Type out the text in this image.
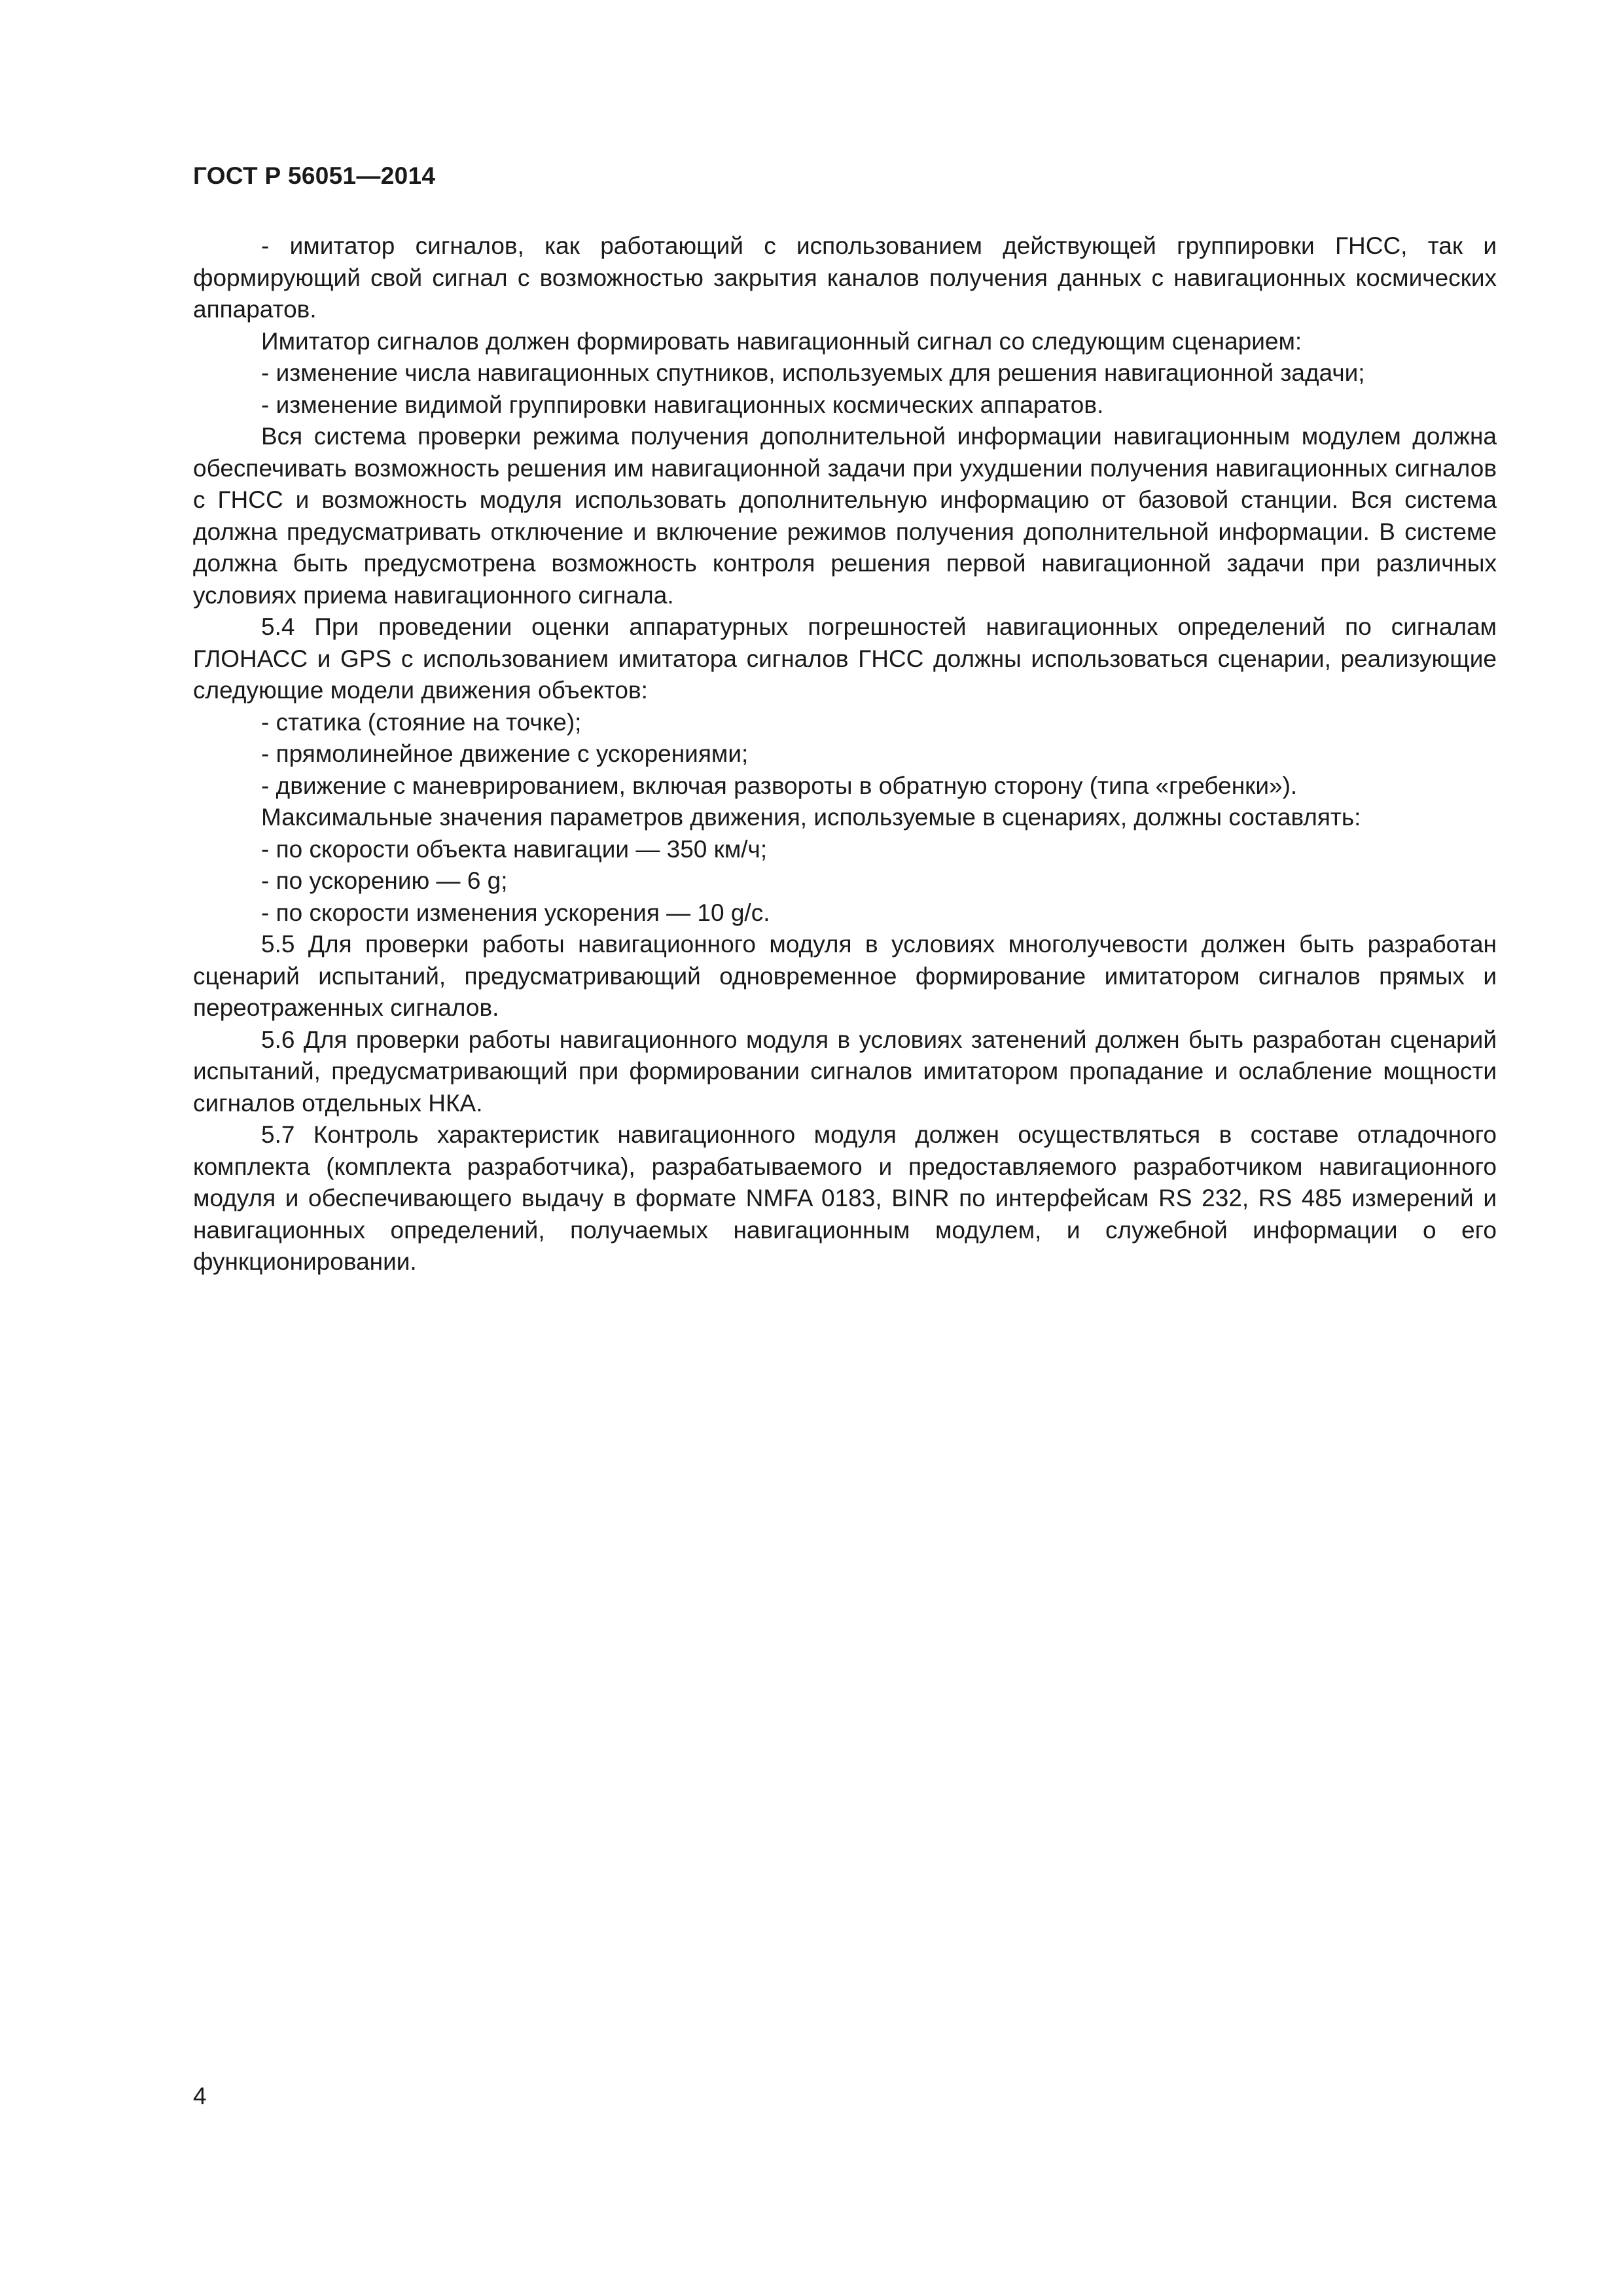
ГОСТ Р 56051—2014

- имитатор сигналов, как работающий с использованием действующей группировки ГНСС, так и формирующий свой сигнал с возможностью закрытия каналов получения данных с навигационных космических аппаратов.

Имитатор сигналов должен формировать навигационный сигнал со следующим сценарием:

- изменение числа навигационных спутников, используемых для решения навигационной задачи;

- изменение видимой группировки навигационных космических аппаратов.

Вся система проверки режима получения дополнительной информации навигационным модулем должна обеспечивать возможность решения им навигационной задачи при ухудшении получения навигационных сигналов с ГНСС и возможность модуля использовать дополнительную информацию от базовой станции. Вся система должна предусматривать отключение и включение режимов получения дополнительной информации. В системе должна быть предусмотрена возможность контроля решения первой навигационной задачи при различных условиях приема навигационного сигнала.

5.4 При проведении оценки аппаратурных погрешностей навигационных определений по сигналам ГЛОНАСС и GPS с использованием имитатора сигналов ГНСС должны использоваться сценарии, реализующие следующие модели движения объектов:

- статика (стояние на точке);

- прямолинейное движение с ускорениями;

- движение с маневрированием, включая развороты в обратную сторону (типа «гребенки»).

Максимальные значения параметров движения, используемые в сценариях, должны составлять:

- по скорости объекта навигации — 350 км/ч;

- по ускорению — 6 g;

- по скорости изменения ускорения — 10 g/c.

5.5 Для проверки работы навигационного модуля в условиях многолучевости должен быть разработан сценарий испытаний, предусматривающий одновременное формирование имитатором сигналов прямых и переотраженных сигналов.

5.6 Для проверки работы навигационного модуля в условиях затенений должен быть разработан сценарий испытаний, предусматривающий при формировании сигналов имитатором пропадание и ослабление мощности сигналов отдельных НКА.

5.7 Контроль характеристик навигационного модуля должен осуществляться в составе отладочного комплекта (комплекта разработчика), разрабатываемого и предоставляемого разработчиком навигационного модуля и обеспечивающего выдачу в формате NMFA 0183, BINR по интерфейсам RS 232, RS 485 измерений и навигационных определений, получаемых навигационным модулем, и служебной информации о его функционировании.

4
